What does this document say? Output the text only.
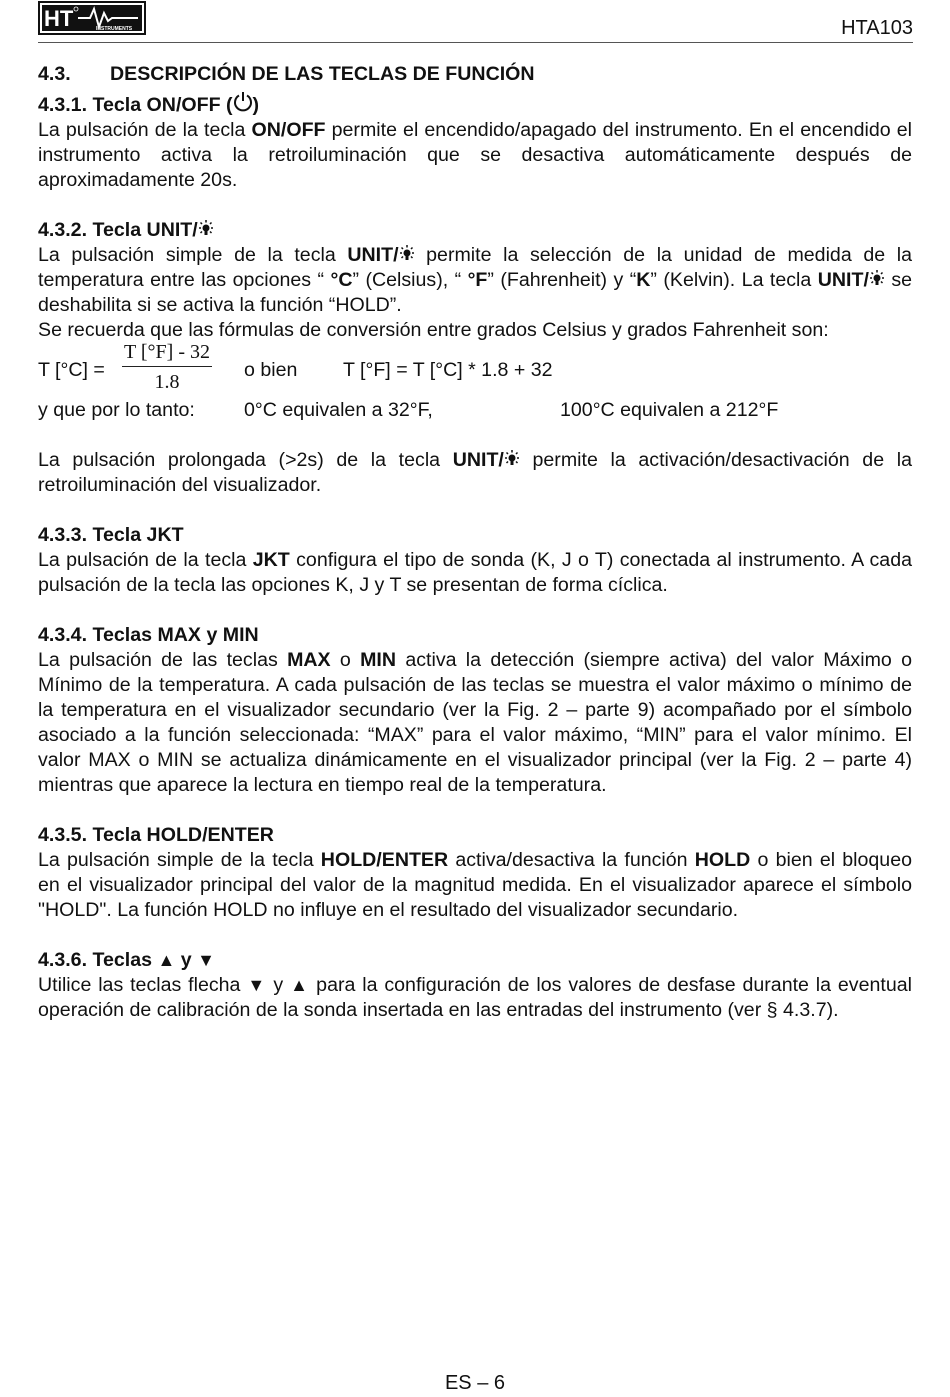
HT	INSTRUMENTS	HTA103
4.3. DESCRIPCIÓN DE LAS TECLAS DE FUNCIÓN
4.3.1. Tecla ON/OFF ( )

La pulsación de la tecla ON/OFF permite el encendido/apagado del instrumento. En el encendido el instrumento activa la retroiluminación que se desactiva automáticamente después de aproximadamente 20s.

4.3.2. Tecla UNIT/

La pulsación simple de la tecla UNIT/ permite la selección de la unidad de medida de la temperatura entre las opciones “ °C” (Celsius), “ °F” (Fahrenheit) y “K” (Kelvin). La tecla UNIT/ se deshabilita si se activa la función “HOLD”.

Se recuerda que las fórmulas de conversión entre grados Celsius y grados Fahrenheit son:

T $[^\circ C] = \frac{T [^\circ F] - 32}{1.8}$ o bien T [°F] = T [°C] * 1.8 + 32
y que por lo tanto:	0°C equivalen a 32°F,	100°C equivalen a 212°F

La pulsación prolongada (>2s) de la tecla UNIT/ permite la activación/desactivación de la retroiluminación del visualizador.

4.3.3. Tecla JKT

La pulsación de la tecla JKT configura el tipo de sonda (K, J o T) conectada al instrumento. A cada pulsación de la tecla las opciones K, J y T se presentan de forma cíclica.

4.3.4. Teclas MAX y MIN

La pulsación de las teclas MAX o MIN activa la detección (siempre activa) del valor Máximo o Mínimo de la temperatura. A cada pulsación de las teclas se muestra el valor máximo o mínimo de la temperatura en el visualizador secundario (ver la Fig. 2 – parte 9) acompañado por el símbolo asociado a la función seleccionada: “MAX” para el valor máximo, “MIN” para el valor mínimo. El valor MAX o MIN se actualiza dinámicamente en el visualizador principal (ver la Fig. 2 – parte 4) mientras que aparece la lectura en tiempo real de la temperatura.

4.3.5. Tecla HOLD/ENTER

La pulsación simple de la tecla HOLD/ENTER activa/desactiva la función HOLD o bien el bloqueo en el visualizador principal del valor de la magnitud medida. En el visualizador aparece el símbolo "HOLD". La función HOLD no influye en el resultado del visualizador secundario.

4.3.6. Teclas ▲ y ▼

Utilice las teclas flecha ▼ y ▲ para la configuración de los valores de desfase durante la eventual operación de calibración de la sonda insertada en las entradas del instrumento (ver § 4.3.7).

ES – 6
